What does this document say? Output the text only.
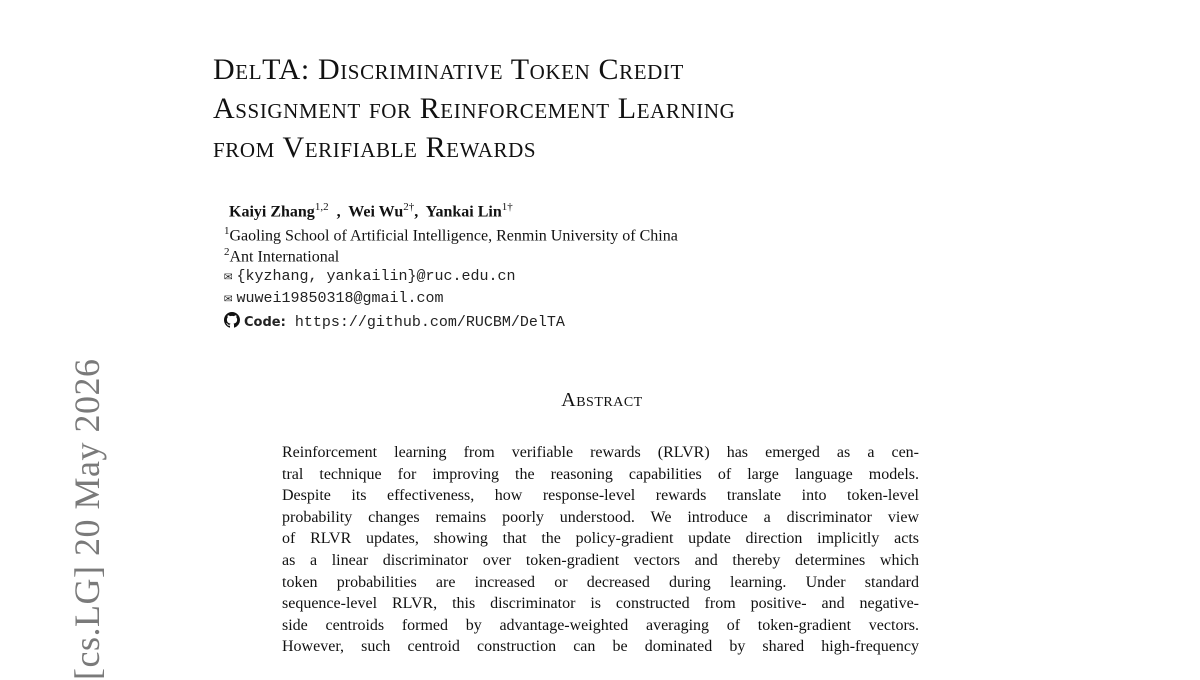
[cs.LG] 20 May 2026
DelTA: Discriminative Token Credit
Assignment for Reinforcement Learning
from Verifiable Rewards
Kaiyi Zhang$^{1,2}$  ,  Wei $Wu^{2\dagger}$,  Yankai Lin$^{1\dagger}$
$^1$Gaoling School of Artificial Intelligence, Renmin University of China
$^2$Ant International
✉ {kyzhang, yankailin}@ruc.edu.cn
✉ wuwei19850318@gmail.com
Code: https://github.com/RUCBM/DelTA
Abstract
Reinforcement learning from verifiable rewards (RLVR) has emerged as a cen-
tral technique for improving the reasoning capabilities of large language models.
Despite its effectiveness, how response-level rewards translate into token-level
probability changes remains poorly understood. We introduce a discriminator view
of RLVR updates, showing that the policy-gradient update direction implicitly acts
as a linear discriminator over token-gradient vectors and thereby determines which
token probabilities are increased or decreased during learning. Under standard
sequence-level RLVR, this discriminator is constructed from positive- and negative-
side centroids formed by advantage-weighted averaging of token-gradient vectors.
However, such centroid construction can be dominated by shared high-frequency
